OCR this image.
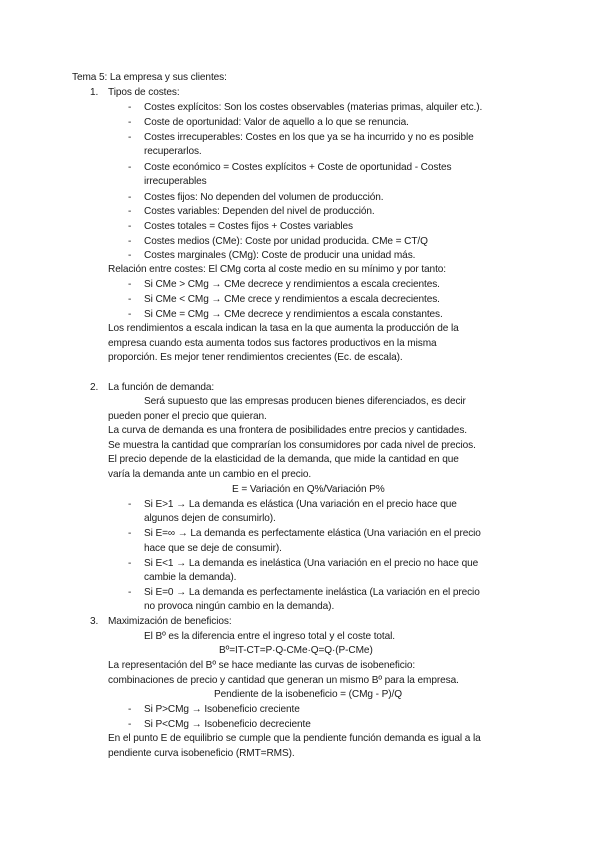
Tema 5: La empresa y sus clientes:
1. Tipos de costes:
- Costes explícitos: Son los costes observables (materias primas, alquiler etc.).
- Coste de oportunidad: Valor de aquello a lo que se renuncia.
- Costes irrecuperables: Costes en los que ya se ha incurrido y no es posible
recuperarlos.
- Coste económico = Costes explícitos + Coste de oportunidad - Costes
irrecuperables
- Costes fijos: No dependen del volumen de producción.
- Costes variables: Dependen del nivel de producción.
- Costes totales = Costes fijos + Costes variables
- Costes medios (CMe): Coste por unidad producida. CMe = CT/Q
- Costes marginales (CMg): Coste de producir una unidad más.
Relación entre costes: El CMg corta al coste medio en su mínimo y por tanto:
- Si CMe > CMg → CMe decrece y rendimientos a escala crecientes.
- Si CMe < CMg → CMe crece y rendimientos a escala decrecientes.
- Si CMe = CMg → CMe decrece y rendimientos a escala constantes.
Los rendimientos a escala indican la tasa en la que aumenta la producción de la
empresa cuando esta aumenta todos sus factores productivos en la misma
proporción. Es mejor tener rendimientos crecientes (Ec. de escala).
2. La función de demanda:
Será supuesto que las empresas producen bienes diferenciados, es decir
pueden poner el precio que quieran.
La curva de demanda es una frontera de posibilidades entre precios y cantidades.
Se muestra la cantidad que comprarían los consumidores por cada nivel de precios.
El precio depende de la elasticidad de la demanda, que mide la cantidad en que
varía la demanda ante un cambio en el precio.
E = Variación en Q%/Variación P%
- Si E>1 → La demanda es elástica (Una variación en el precio hace que
algunos dejen de consumirlo).
- Si E=∞ → La demanda es perfectamente elástica (Una variación en el precio
hace que se deje de consumir).
- Si E<1 → La demanda es inelástica (Una variación en el precio no hace que
cambie la demanda).
- Si E=0 → La demanda es perfectamente inelástica (La variación en el precio
no provoca ningún cambio en la demanda).
3. Maximización de beneficios:
El Bº es la diferencia entre el ingreso total y el coste total.
Bº=IT-CT=P·Q-CMe·Q=Q·(P-CMe)
La representación del Bº se hace mediante las curvas de isobeneficio:
combinaciones de precio y cantidad que generan un mismo Bº para la empresa.
Pendiente de la isobeneficio = (CMg - P)/Q
- Si P>CMg → Isobeneficio creciente
- Si P<CMg → Isobeneficio decreciente
En el punto E de equilibrio se cumple que la pendiente función demanda es igual a la
pendiente curva isobeneficio (RMT=RMS).
